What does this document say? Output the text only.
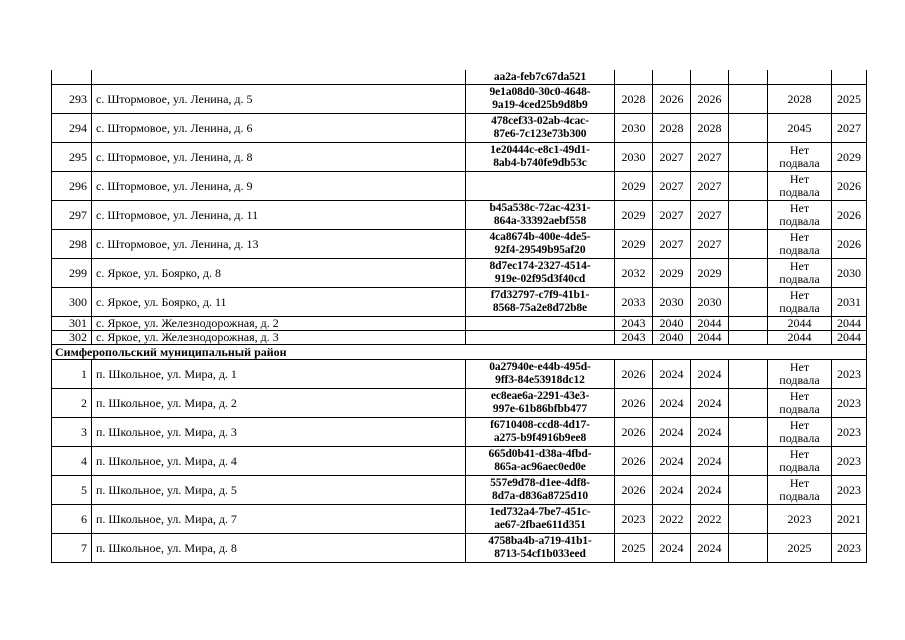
		aa2a-feb7c67da521						

293	с. Штормовое, ул. Ленина, д. 5	9e1a08d0-30c0-4648-
9a19-4ced25b9d8b9	2028	2026	2026		2028	2025
294	с. Штормовое, ул. Ленина, д. 6	478cef33-02ab-4cac-
87e6-7c123e73b300	2030	2028	2028		2045	2027
295	с. Штормовое, ул. Ленина, д. 8	1e20444c-e8c1-49d1-
8ab4-b740fe9db53c	2030	2027	2027		Нет подвала	2029
296	с. Штормовое, ул. Ленина, д. 9		2029	2027	2027		Нет подвала	2026
297	с. Штормовое, ул. Ленина, д. 11	b45a538c-72ac-4231-
864a-33392aebf558	2029	2027	2027		Нет подвала	2026
298	с. Штормовое, ул. Ленина, д. 13	4ca8674b-400e-4de5-
92f4-29549b95af20	2029	2027	2027		Нет подвала	2026
299	с. Яркое, ул. Боярко, д. 8	8d7ec174-2327-4514-
919e-02f95d3f40cd	2032	2029	2029		Нет подвала	2030
300	с. Яркое, ул. Боярко, д. 11	f7d32797-c7f9-41b1-
8568-75a2e8d72b8e	2033	2030	2030		Нет подвала	2031
301	с. Яркое, ул. Железнодорожная, д. 2		2043	2040	2044		2044	2044
302	с. Яркое, ул. Железнодорожная, д. 3		2043	2040	2044		2044	2044
Симферопольский муниципальный район								
1	п. Школьное, ул. Мира, д. 1	0a27940e-e44b-495d-
9ff3-84e53918dc12	2026	2024	2024		Нет подвала	2023
2	п. Школьное, ул. Мира, д. 2	ec8eae6a-2291-43e3-
997e-61b86bfbb477	2026	2024	2024		Нет подвала	2023
3	п. Школьное, ул. Мира, д. 3	f6710408-ccd8-4d17-
a275-b9f4916b9ee8	2026	2024	2024		Нет подвала	2023
4	п. Школьное, ул. Мира, д. 4	665d0b41-d38a-4fbd-
865a-ac96aec0ed0e	2026	2024	2024		Нет подвала	2023
5	п. Школьное, ул. Мира, д. 5	557e9d78-d1ee-4df8-
8d7a-d836a8725d10	2026	2024	2024		Нет подвала	2023
6	п. Школьное, ул. Мира, д. 7	1ed732a4-7be7-451c-
ae67-2fbae611d351	2023	2022	2022		2023	2021
7	п. Школьное, ул. Мира, д. 8	4758ba4b-a719-41b1-
8713-54cf1b033eed	2025	2024	2024		2025	2023
